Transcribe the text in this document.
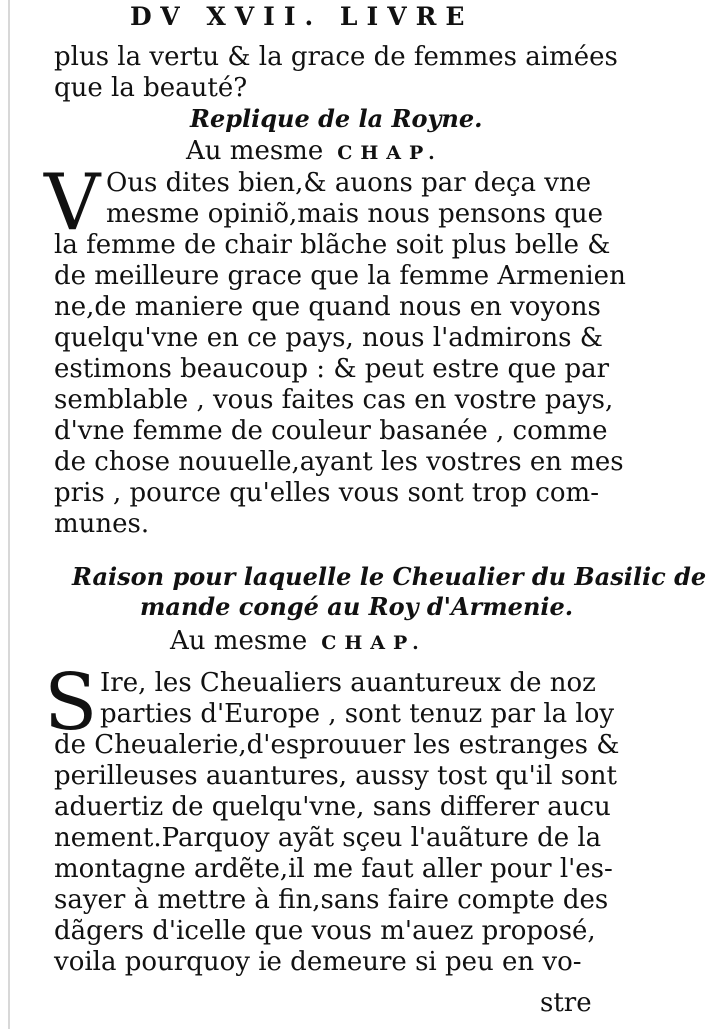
DV XVII. LIVRE
plus la vertu & la grace de femmes aimées
que la beauté?
Replique de la Royne.
Au mesme CHAP.
V Ous dites bien,& auons par deça vne
mesme opiniõ,mais nous pensons que
la femme de chair blãche soit plus belle &
de meilleure grace que la femme Armenien
ne,de maniere que quand nous en voyons
quelqu'vne en ce pays, nous l'admirons &
estimons beaucoup : & peut estre que par
semblable , vous faites cas en vostre pays,
d'vne femme de couleur basanée , comme
de chose nouuelle,ayant les vostres en mes
pris , pource qu'elles vous sont trop com-
munes.
Raison pour laquelle le Cheualier du Basilic de
mande congé au Roy d'Armenie.
Au mesme CHAP.
S Ire, les Cheualiers auantureux de noz
parties d'Europe , sont tenuz par la loy
de Cheualerie,d'esprouuer les estranges &
perilleuses auantures, aussy tost qu'il sont
aduertiz de quelqu'vne, sans differer aucu
nement.Parquoy ayãt sçeu l'auãture de la
montagne ardẽte,il me faut aller pour l'es-
sayer à mettre à fin,sans faire compte des
dãgers d'icelle que vous m'auez proposé,
voila pourquoy ie demeure si peu en vo-
stre
